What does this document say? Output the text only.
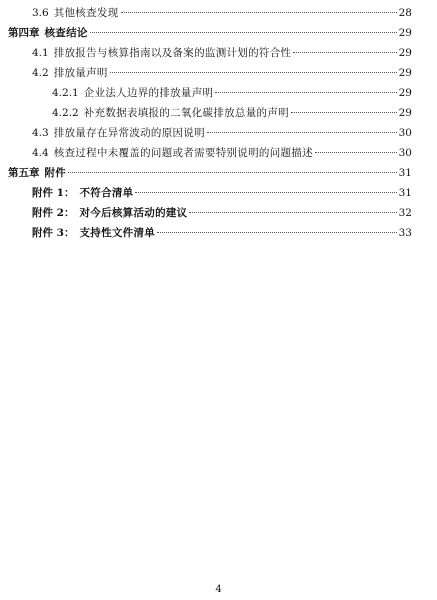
3.6 其他核查发现	28
第四章 核查结论	29
4.1 排放报告与核算指南以及备案的监测计划的符合性	29
4.2 排放量声明	29
4.2.1 企业法人边界的排放量声明	29
4.2.2 补充数据表填报的二氧化碳排放总量的声明	29
4.3 排放量存在异常波动的原因说明	30
4.4 核查过程中未覆盖的问题或者需要特别说明的问题描述	30
第五章 附件	31
附件 1： 不符合清单	31
附件 2： 对今后核算活动的建议	32
附件 3： 支持性文件清单	33
4
